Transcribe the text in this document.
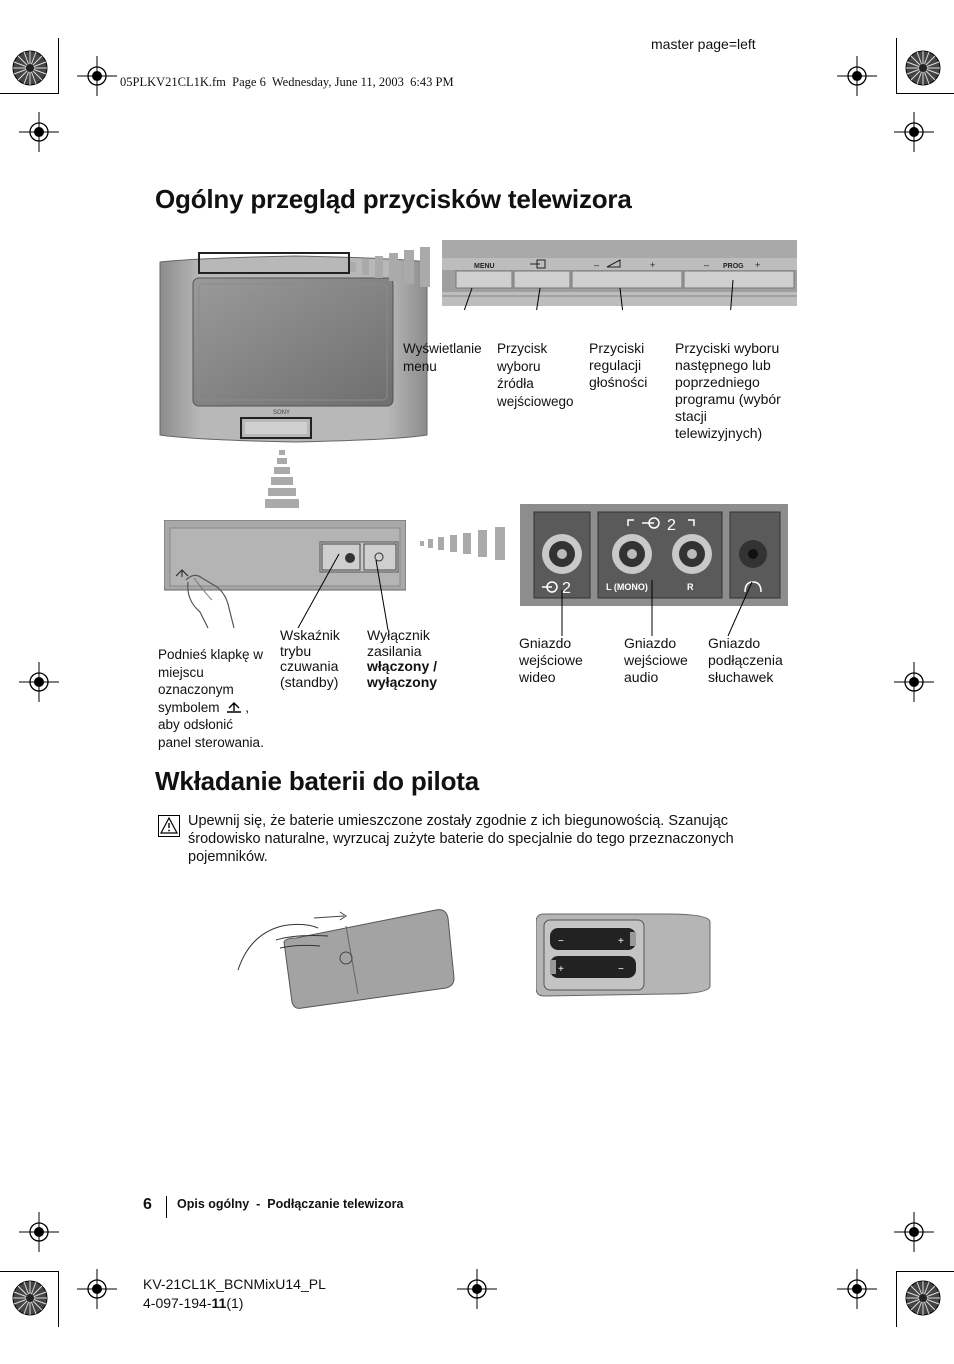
master page=left
05PLKV21CL1K.fm  Page 6  Wednesday, June 11, 2003  6:43 PM
Ogólny przegląd przycisków telewizora
SONY
MENU	PROG
–	+	–	+
Wyświetlanie
menu
Przycisk
wyboru
źródła
wejściowego
Przyciski
regulacji
głośności
Przyciski wyboru
następnego lub
poprzedniego
programu (wybór
stacji
telewizyjnych)
2
2	L (MONO)	R
Podnieś klapkę w
miejscu
oznaczonym
symbolem ,
aby odsłonić
panel sterowania.
Wskaźnik
trybu
czuwania
(standby)
Wyłącznik
zasilania
włączony /
wyłączony
Gniazdo
wejściowe
wideo
Gniazdo
wejściowe
audio
Gniazdo
podłączenia
słuchawek
Wkładanie baterii do pilota
Upewnij się, że baterie umieszczone zostały zgodnie z ich biegunowością. Szanując
środowisko naturalne, wyrzucaj zużyte baterie do specjalnie do tego przeznaczonych
pojemników.
−	+
+	−
6 Opis ogólny  -  Podłączanie telewizora
KV-21CL1K_BCNMixU14_PL
4-097-194-11(1)
